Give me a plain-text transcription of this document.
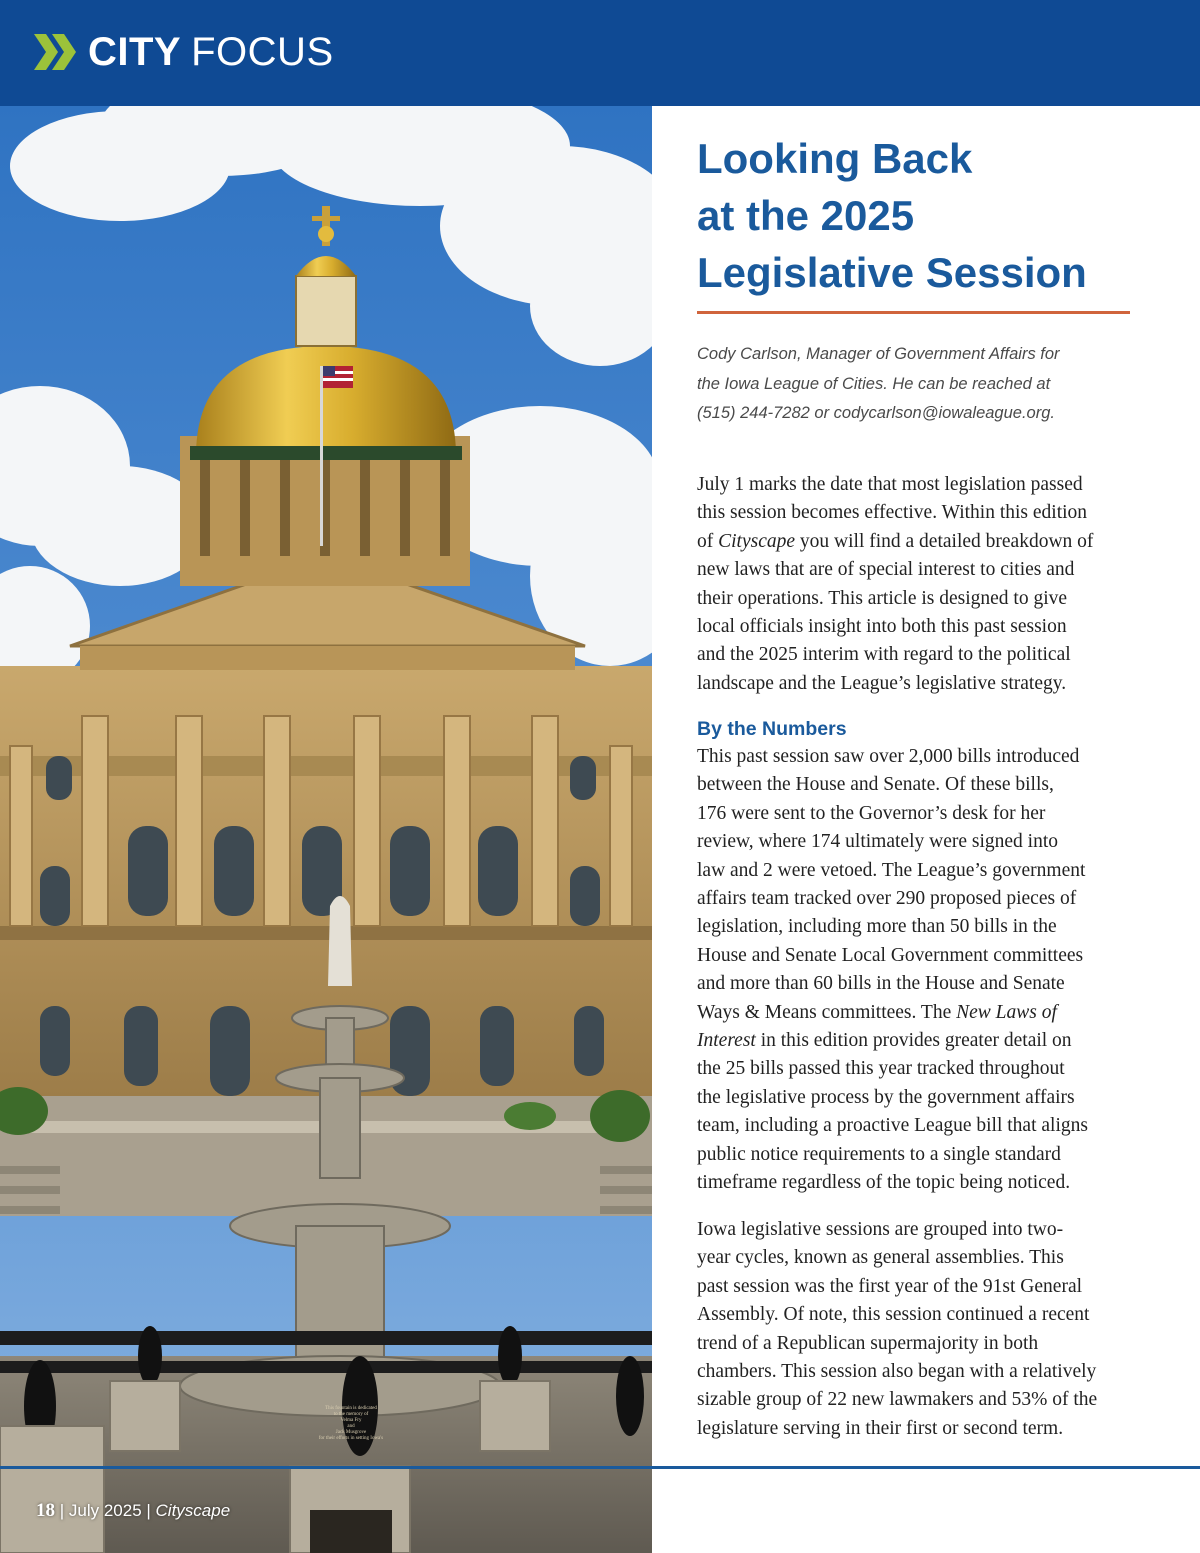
CITY FOCUS
This fountain is dedicated
to the memory of
Velma Fry
and
Jack Musgrove
for their efforts in setting Iowa's
Looking Back
at the 2025
Legislative Session
Cody Carlson, Manager of Government Affairs for
the Iowa League of Cities. He can be reached at
(515) 244-7282 or codycarlson@iowaleague.org.
July 1 marks the date that most legislation passed
this session becomes effective. Within this edition
of Cityscape you will find a detailed breakdown of
new laws that are of special interest to cities and
their operations. This article is designed to give
local officials insight into both this past session
and the 2025 interim with regard to the political
landscape and the League’s legislative strategy.
By the Numbers
This past session saw over 2,000 bills introduced
between the House and Senate. Of these bills,
176 were sent to the Governor’s desk for her
review, where 174 ultimately were signed into
law and 2 were vetoed. The League’s government
affairs team tracked over 290 proposed pieces of
legislation, including more than 50 bills in the
House and Senate Local Government committees
and more than 60 bills in the House and Senate
Ways & Means committees. The New Laws of
Interest in this edition provides greater detail on
the 25 bills passed this year tracked throughout
the legislative process by the government affairs
team, including a proactive League bill that aligns
public notice requirements to a single standard
timeframe regardless of the topic being noticed.
Iowa legislative sessions are grouped into two-
year cycles, known as general assemblies. This
past session was the first year of the 91st General
Assembly. Of note, this session continued a recent
trend of a Republican supermajority in both
chambers. This session also began with a relatively
sizable group of 22 new lawmakers and 53% of the
legislature serving in their first or second term.
18 | July 2025 | Cityscape
